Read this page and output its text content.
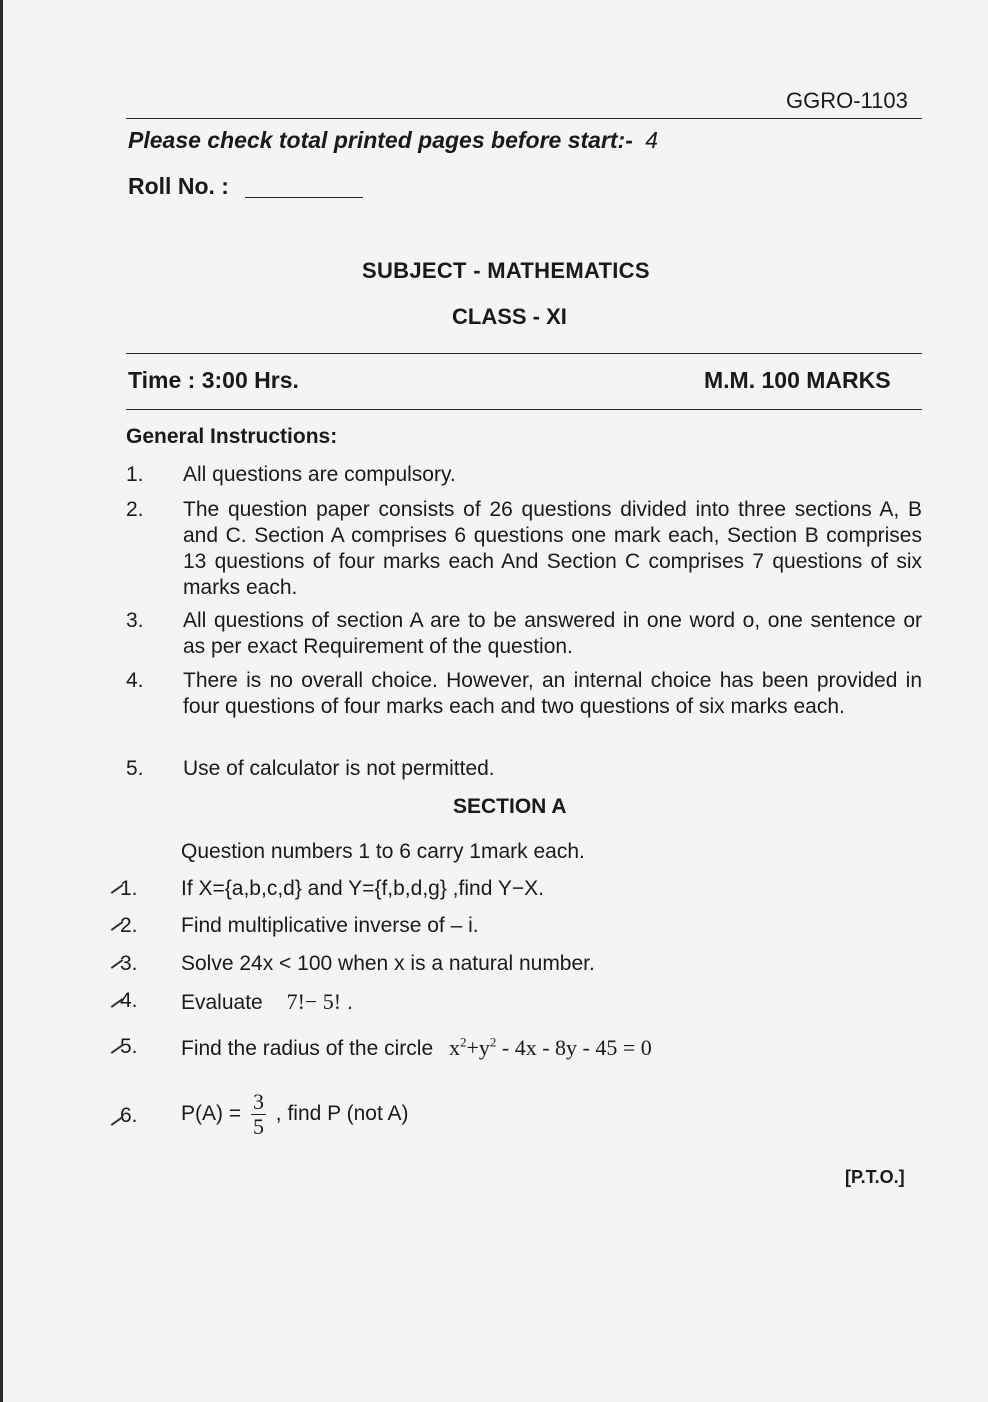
GGRO-1103
Please check total printed pages before start:- 4
Roll No. :
SUBJECT - MATHEMATICS
CLASS - XI
Time : 3:00 Hrs.	M.M. 100 MARKS
General Instructions:
1. All questions are compulsory.
2. The question paper consists of 26 questions divided into three sections A, B and C. Section A comprises 6 questions one mark each, Section B comprises 13 questions of four marks each And Section C comprises 7 questions of six marks each.
3. All questions of section A are to be answered in one word o, one sentence or as per exact Requirement of the question.
4. There is no overall choice. However, an internal choice has been provided in four questions of four marks each and two questions of six marks each.
5. Use of calculator is not permitted.
SECTION A
Question numbers 1 to 6 carry 1mark each.
1. If X={a,b,c,d} and Y={f,b,d,g} ,find Y−X.
2. Find multiplicative inverse of – i.
3. Solve 24x < 100 when x is a natural number.
4. Evaluate 7!− 5! .
5. Find the radius of the circle $x^2+y^2 - 4x - 8y - 45 = 0$
6. $P(A) = \frac{3}{5}$ , find P (not A)
[P.T.O.]
